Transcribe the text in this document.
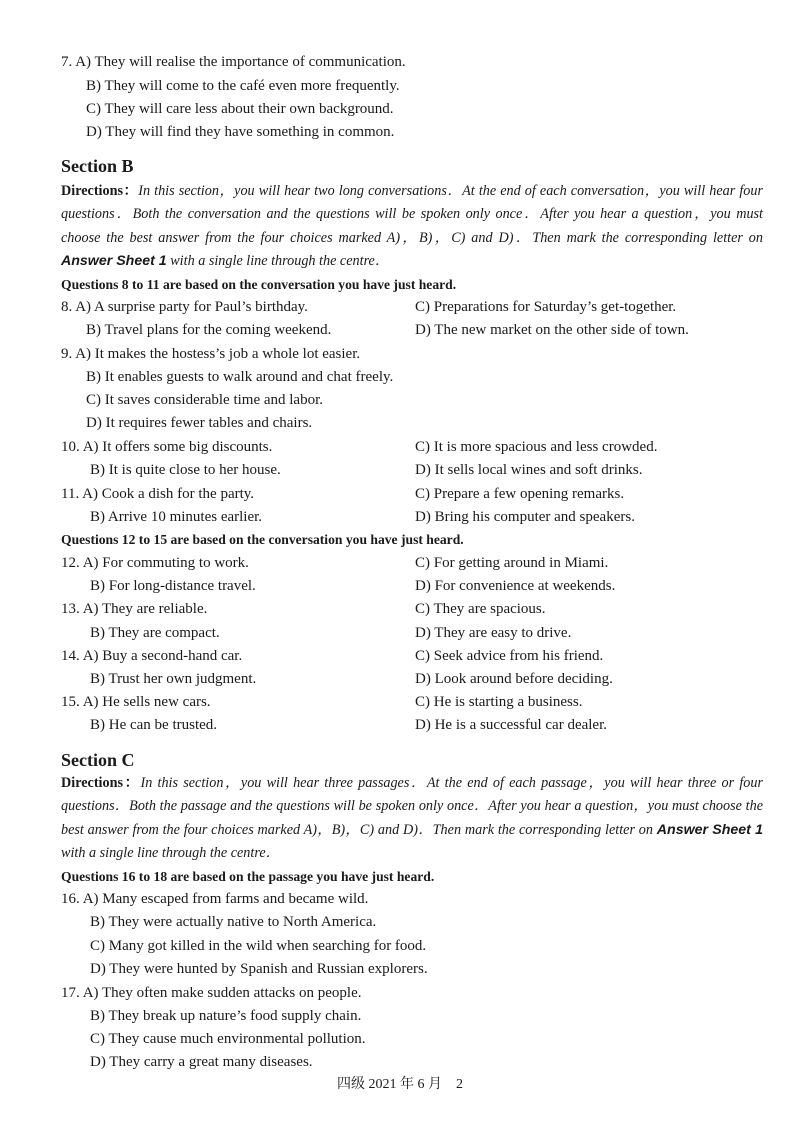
7. A) They will realise the importance of communication.
B) They will come to the café even more frequently.
C) They will care less about their own background.
D) They will find they have something in common.
Section B
Directions：In this section，you will hear two long conversations．At the end of each conversation，you will hear four questions．Both the conversation and the questions will be spoken only once．After you hear a question，you must choose the best answer from the four choices marked A)，B)，C) and D)．Then mark the corresponding letter on Answer Sheet 1 with a single line through the centre．
Questions 8 to 11 are based on the conversation you have just heard.
8. A) A surprise party for Paul’s birthday.	C) Preparations for Saturday’s get-together.
B) Travel plans for the coming weekend.	D) The new market on the other side of town.
9. A) It makes the hostess’s job a whole lot easier.
B) It enables guests to walk around and chat freely.
C) It saves considerable time and labor.
D) It requires fewer tables and chairs.
10. A) It offers some big discounts.	C) It is more spacious and less crowded.
B) It is quite close to her house.	D) It sells local wines and soft drinks.
11. A) Cook a dish for the party.	C) Prepare a few opening remarks.
B) Arrive 10 minutes earlier.	D) Bring his computer and speakers.
Questions 12 to 15 are based on the conversation you have just heard.
12. A) For commuting to work.	C) For getting around in Miami.
B) For long-distance travel.	D) For convenience at weekends.
13. A) They are reliable.	C) They are spacious.
B) They are compact.	D) They are easy to drive.
14. A) Buy a second-hand car.	C) Seek advice from his friend.
B) Trust her own judgment.	D) Look around before deciding.
15. A) He sells new cars.	C) He is starting a business.
B) He can be trusted.	D) He is a successful car dealer.
Section C
Directions：In this section，you will hear three passages．At the end of each passage，you will hear three or four questions．Both the passage and the questions will be spoken only once．After you hear a question，you must choose the best answer from the four choices marked A)，B)，C) and D)．Then mark the corresponding letter on Answer Sheet 1 with a single line through the centre．
Questions 16 to 18 are based on the passage you have just heard.
16. A) Many escaped from farms and became wild.
B) They were actually native to North America.
C) Many got killed in the wild when searching for food.
D) They were hunted by Spanish and Russian explorers.
17. A) They often make sudden attacks on people.
B) They break up nature’s food supply chain.
C) They cause much environmental pollution.
D) They carry a great many diseases.
四级 2021 年 6 月　2
